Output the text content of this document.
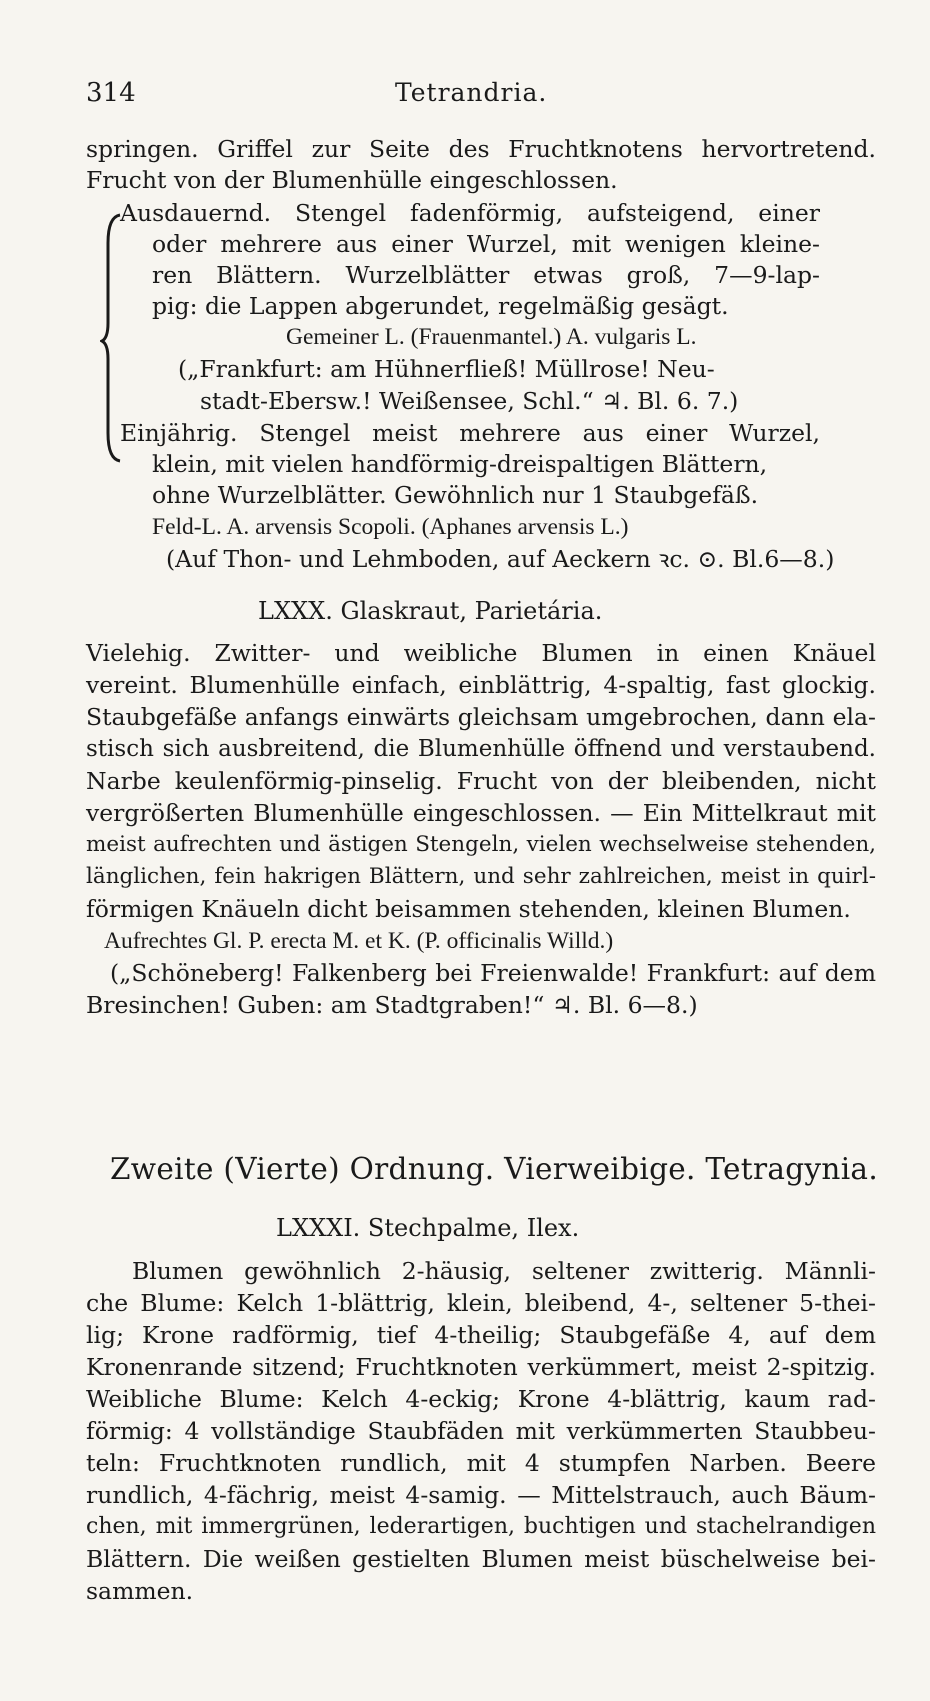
314	Tetrandria.
springen. Griffel zur Seite des Fruchtknotens hervortretend.
Frucht von der Blumenhülle eingeschlossen.
Ausdauernd. Stengel fadenförmig, aufsteigend, einer
oder mehrere aus einer Wurzel, mit wenigen kleine-
ren Blättern. Wurzelblätter etwas groß, 7—9-lap-
pig: die Lappen abgerundet, regelmäßig gesägt.
Gemeiner L. (Frauenmantel.) A. vulgaris L.
(„Frankfurt: am Hühnerfließ! Müllrose! Neu-
stadt-Ebersw.! Weißensee, Schl.“ ♃. Bl. 6. 7.)
Einjährig. Stengel meist mehrere aus einer Wurzel,
klein, mit vielen handförmig-dreispaltigen Blättern,
ohne Wurzelblätter. Gewöhnlich nur 1 Staubgefäß.
Feld-L. A. arvensis Scopoli. (Aphanes arvensis L.)
(Auf Thon- und Lehmboden, auf Aeckern ꝛc. ⊙. Bl.6—8.)
LXXX. Glaskraut, Parietária.
Vielehig. Zwitter- und weibliche Blumen in einen Knäuel
vereint. Blumenhülle einfach, einblättrig, 4-spaltig, fast glockig.
Staubgefäße anfangs einwärts gleichsam umgebrochen, dann ela-
stisch sich ausbreitend, die Blumenhülle öffnend und verstaubend.
Narbe keulenförmig-pinselig. Frucht von der bleibenden, nicht
vergrößerten Blumenhülle eingeschlossen. — Ein Mittelkraut mit
meist aufrechten und ästigen Stengeln, vielen wechselweise stehenden,
länglichen, fein hakrigen Blättern, und sehr zahlreichen, meist in quirl-
förmigen Knäueln dicht beisammen stehenden, kleinen Blumen.
Aufrechtes Gl. P. erecta M. et K. (P. officinalis Willd.)
(„Schöneberg! Falkenberg bei Freienwalde! Frankfurt: auf dem
Bresinchen! Guben: am Stadtgraben!“ ♃. Bl. 6—8.)
Zweite (Vierte) Ordnung. Vierweibige. Tetragynia.
LXXXI. Stechpalme, Ilex.
Blumen gewöhnlich 2-häusig, seltener zwitterig. Männli-
che Blume: Kelch 1-blättrig, klein, bleibend, 4-, seltener 5-thei-
lig; Krone radförmig, tief 4-theilig; Staubgefäße 4, auf dem
Kronenrande sitzend; Fruchtknoten verkümmert, meist 2-spitzig.
Weibliche Blume: Kelch 4-eckig; Krone 4-blättrig, kaum rad-
förmig: 4 vollständige Staubfäden mit verkümmerten Staubbeu-
teln: Fruchtknoten rundlich, mit 4 stumpfen Narben. Beere
rundlich, 4-fächrig, meist 4-samig. — Mittelstrauch, auch Bäum-
chen, mit immergrünen, lederartigen, buchtigen und stachelrandigen
Blättern. Die weißen gestielten Blumen meist büschelweise bei-
sammen.
